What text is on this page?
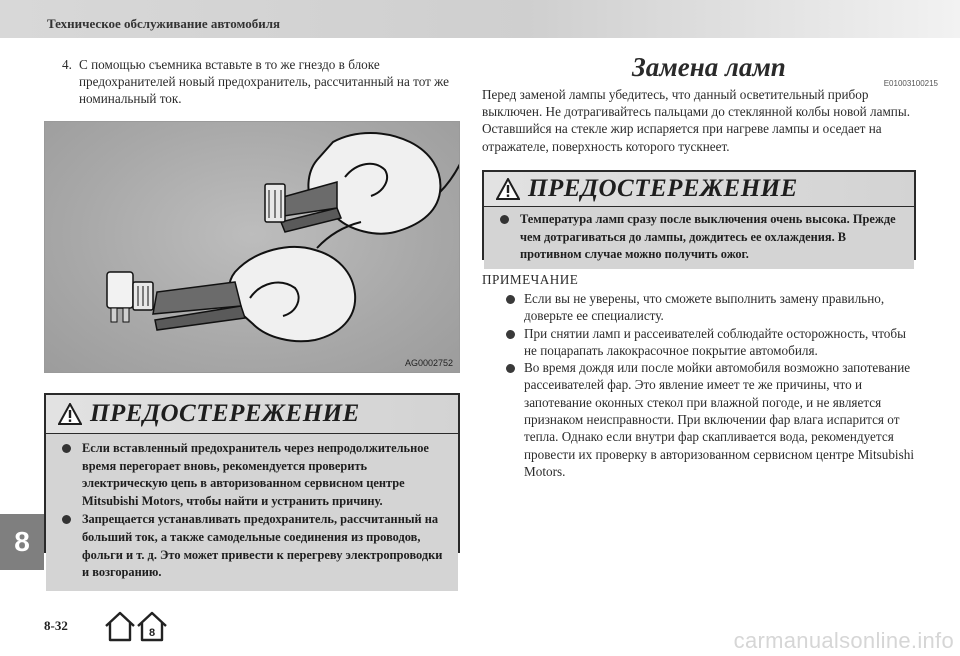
Техническое обслуживание автомобиля
4. С помощью съемника вставьте в то же гнездо в блоке предохранителей новый предохранитель, рассчитанный на тот же номинальный ток.
AG0002752
ПРЕДОСТЕРЕЖЕНИЕ
Если вставленный предохранитель через непродолжительное время перегорает вновь, рекомендуется проверить электрическую цепь в авторизованном сервисном центре Mitsubishi Motors, чтобы найти и устранить причину.
Запрещается устанавливать предохранитель, рассчитанный на больший ток, а также самодельные соединения из проводов, фольги и т. д. Это может привести к перегреву электропроводки и возгоранию.
Замена ламп
E01003100215
Перед заменой лампы убедитесь, что данный осветительный прибор выключен. Не дотрагивайтесь пальцами до стеклянной колбы новой лампы. Оставшийся на стекле жир испаряется при нагреве лампы и оседает на отражателе, поверхность которого тускнеет.
ПРЕДОСТЕРЕЖЕНИЕ
Температура ламп сразу после выключения очень высока. Прежде чем дотрагиваться до лампы, дождитесь ее охлаждения. В противном случае можно получить ожог.
ПРИМЕЧАНИЕ
Если вы не уверены, что сможете выполнить замену правильно, доверьте ее специалисту.
При снятии ламп и рассеивателей соблюдайте осторожность, чтобы не поцарапать лакокрасочное покрытие автомобиля.
Во время дождя или после мойки автомобиля возможно запотевание рассеивателей фар. Это явление имеет те же причины, что и запотевание оконных стекол при влажной погоде, и не является признаком неисправности. При включении фар влага испарится от тепла. Однако если внутри фар скапливается вода, рекомендуется провести их проверку в авторизованном сервисном центре Mitsubishi Motors.
8
8-32	8	carmanualsonline.info
